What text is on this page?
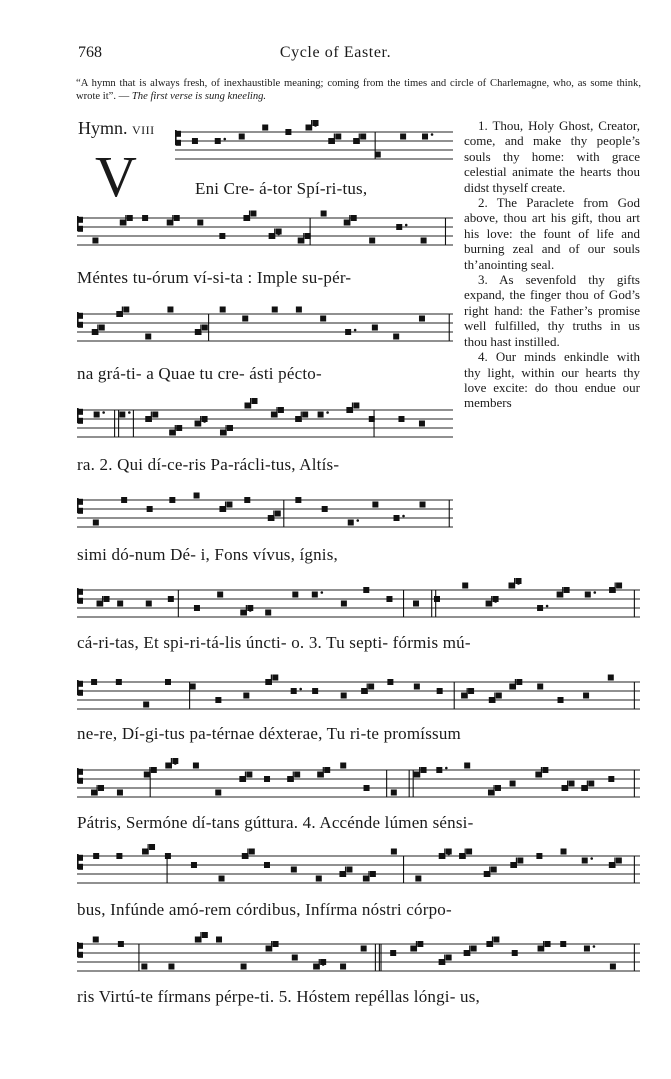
768	Cycle of Easter.
“A hymn that is always fresh, of inexhaustible meaning; coming from the times and circle of Charlemagne, who, as some think, wrote it”. — The first verse is sung kneeling.
Hymn. VIII
V	Eni Cre- á-tor Spí-ri-tus,
Méntes tu-órum ví-si-ta : Imple su-pér-
na grá-ti- a Quae tu cre- ásti pécto-
ra. 2. Qui dí-ce-ris Pa-rácli-tus, Altís-
simi dó-num Dé- i, Fons vívus, ígnis,
cá-ri-tas, Et spi-ri-tá-lis úncti- o. 3. Tu septi- fórmis mú-
ne-re, Dí-gi-tus pa-térnae déxterae, Tu ri-te promíssum
Pátris, Sermóne dí-tans gúttura. 4. Accénde lúmen sénsi-
bus, Infúnde amó-rem córdibus, Infírma nóstri córpo-
ris Virtú-te fírmans pérpe-ti. 5. Hóstem repéllas lóngi- us,

1. Thou, Holy Ghost, Creator, come, and make thy people’s souls thy home: with grace celestial animate the hearts thou didst thyself create.

2. The Paraclete from God above, thou art his gift, thou art his love: the fount of life and burning zeal and of our souls th’anointing seal.

3. As sevenfold thy gifts expand, the finger thou of God’s right hand: the Father’s promise well fulfilled, thy truths in us thou hast instilled.

4. Our minds enkindle with thy light, within our hearts thy love excite: do thou endue our members
